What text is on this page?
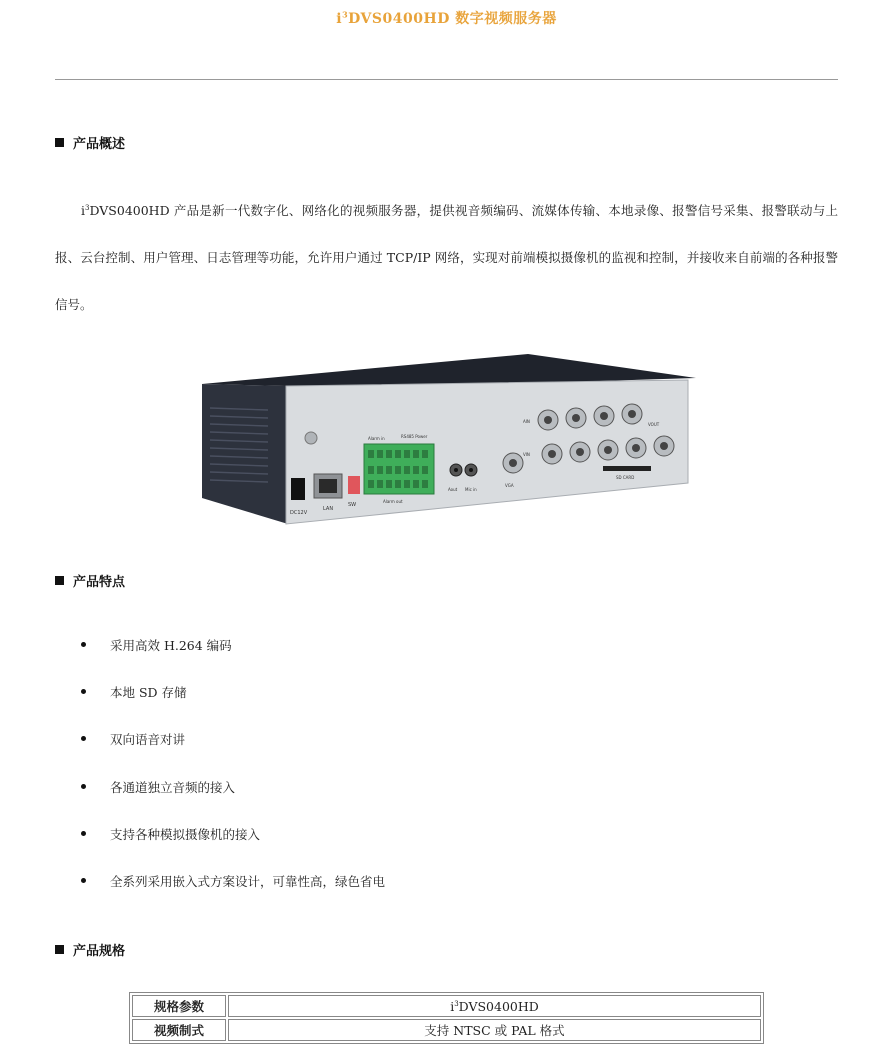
$i^3DVS0400HD$ 数字视频服务器
产品概述
$i^3DVS0400HD$ 产品是新一代数字化、网络化的视频服务器，提供视音频编码、流媒体传输、本地录像、报警信号采集、报警联动与上报、云台控制、用户管理、日志管理等功能，允许用户通过 TCP/IP 网络，实现对前端模拟摄像机的监视和控制，并接收来自前端的各种报警信号。
DC12V
LAN
SW
Alarm in	RS485 Power
Alarm out
Aout Mic in
VGA
AIN
VIN
VOUT
SD CARD
产品特点
采用高效 H.264 编码
本地 SD 存储
双向语音对讲
各通道独立音频的接入
支持各种模拟摄像机的接入
全系列采用嵌入式方案设计，可靠性高，绿色省电
产品规格
规格参数	$i^3DVS0400HD$
视频制式	支持 NTSC 或 PAL 格式
